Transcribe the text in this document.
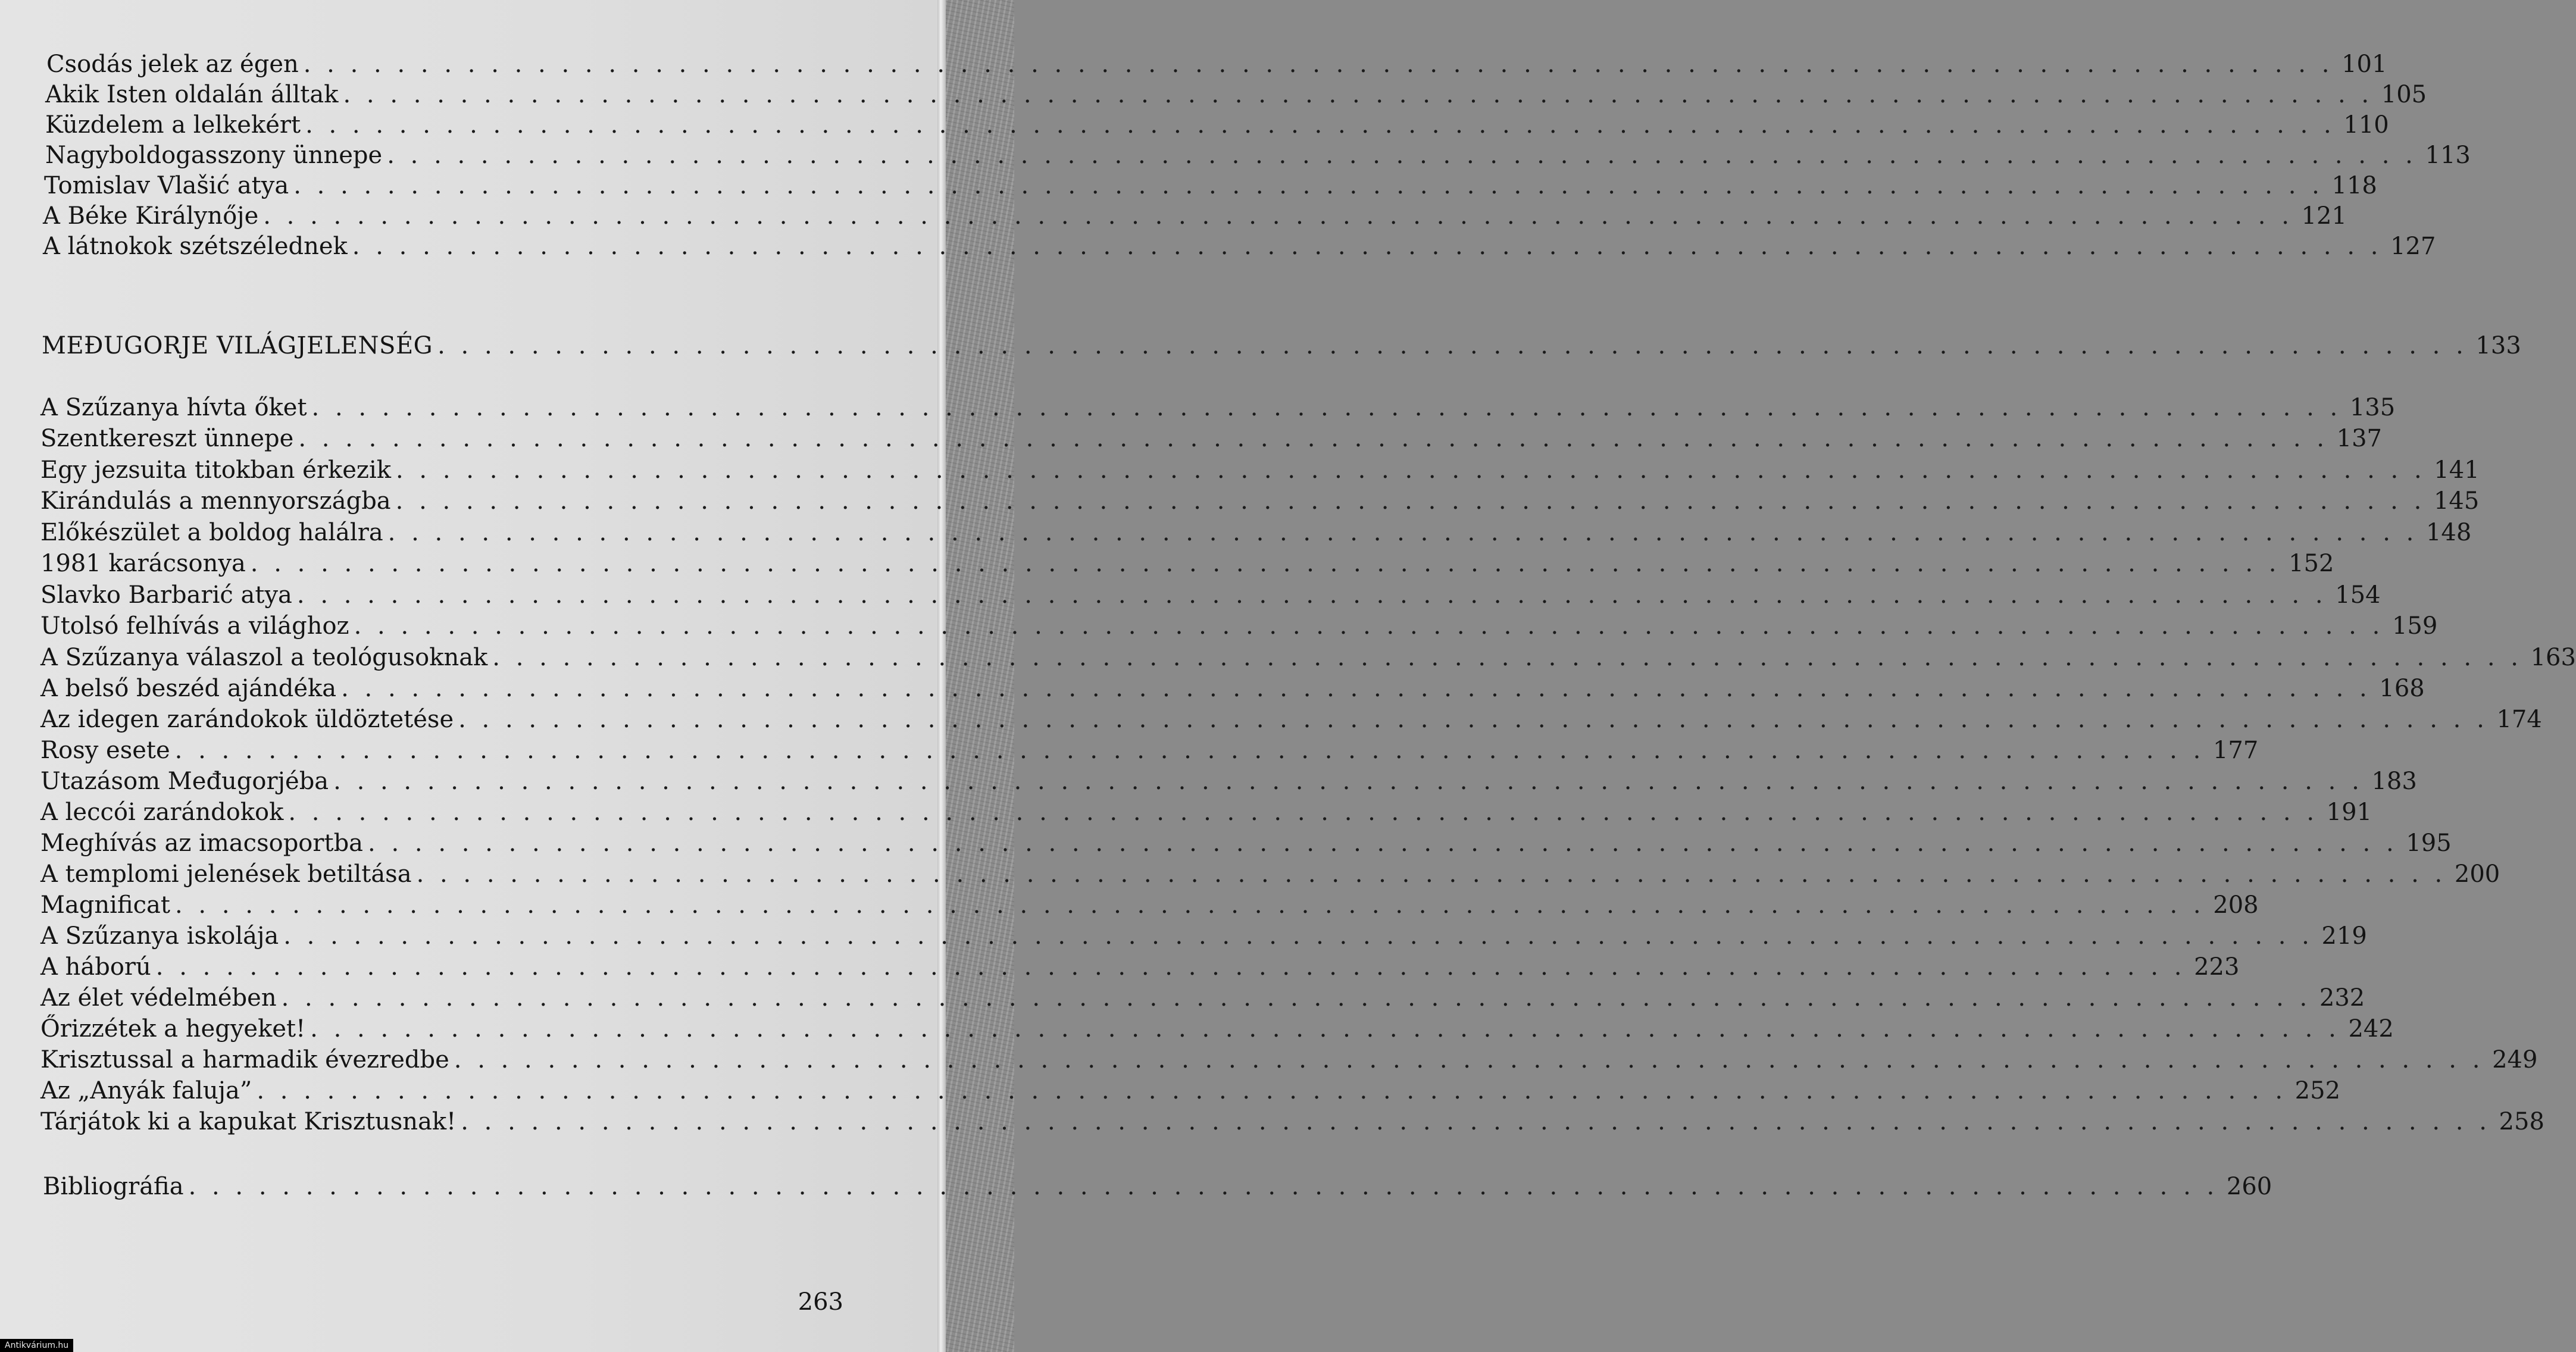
Csodás jelek az égen . . . . . . . . . . . . . . . . . . . . . . . . . . . . . . . . . . . . . . . . . . . . . . . . . . . . . . . . . . . . . . . . . . . . . . . . . . . . . . . . . . . . . . . 101
Akik Isten oldalán álltak . . . . . . . . . . . . . . . . . . . . . . . . . . . . . . . . . . . . . . . . . . . . . . . . . . . . . . . . . . . . . . . . . . . . . . . . . . . . . . . . . . . . . . . 105
Küzdelem a lelkekért . . . . . . . . . . . . . . . . . . . . . . . . . . . . . . . . . . . . . . . . . . . . . . . . . . . . . . . . . . . . . . . . . . . . . . . . . . . . . . . . . . . . . . . 110
Nagyboldogasszony ünnepe . . . . . . . . . . . . . . . . . . . . . . . . . . . . . . . . . . . . . . . . . . . . . . . . . . . . . . . . . . . . . . . . . . . . . . . . . . . . . . . . . . . . . . . 113
Tomislav Vlašić atya . . . . . . . . . . . . . . . . . . . . . . . . . . . . . . . . . . . . . . . . . . . . . . . . . . . . . . . . . . . . . . . . . . . . . . . . . . . . . . . . . . . . . . . 118
A Béke Királynője . . . . . . . . . . . . . . . . . . . . . . . . . . . . . . . . . . . . . . . . . . . . . . . . . . . . . . . . . . . . . . . . . . . . . . . . . . . . . . . . . . . . . . . 121
A látnokok szétszélednek . . . . . . . . . . . . . . . . . . . . . . . . . . . . . . . . . . . . . . . . . . . . . . . . . . . . . . . . . . . . . . . . . . . . . . . . . . . . . . . . . . . . . . . 127
MEĐUGORJE VILÁGJELENSÉG . . . . . . . . . . . . . . . . . . . . . . . . . . . . . . . . . . . . . . . . . . . . . . . . . . . . . . . . . . . . . . . . . . . . . . . . . . . . . . . . . . . . . . . 133
A Szűzanya hívta őket . . . . . . . . . . . . . . . . . . . . . . . . . . . . . . . . . . . . . . . . . . . . . . . . . . . . . . . . . . . . . . . . . . . . . . . . . . . . . . . . . . . . . . . 135
Szentkereszt ünnepe . . . . . . . . . . . . . . . . . . . . . . . . . . . . . . . . . . . . . . . . . . . . . . . . . . . . . . . . . . . . . . . . . . . . . . . . . . . . . . . . . . . . . . . 137
Egy jezsuita titokban érkezik . . . . . . . . . . . . . . . . . . . . . . . . . . . . . . . . . . . . . . . . . . . . . . . . . . . . . . . . . . . . . . . . . . . . . . . . . . . . . . . . . . . . . . . 141
Kirándulás a mennyországba . . . . . . . . . . . . . . . . . . . . . . . . . . . . . . . . . . . . . . . . . . . . . . . . . . . . . . . . . . . . . . . . . . . . . . . . . . . . . . . . . . . . . . . 145
Előkészület a boldog halálra . . . . . . . . . . . . . . . . . . . . . . . . . . . . . . . . . . . . . . . . . . . . . . . . . . . . . . . . . . . . . . . . . . . . . . . . . . . . . . . . . . . . . . . 148
1981 karácsonya . . . . . . . . . . . . . . . . . . . . . . . . . . . . . . . . . . . . . . . . . . . . . . . . . . . . . . . . . . . . . . . . . . . . . . . . . . . . . . . . . . . . . . . 152
Slavko Barbarić atya . . . . . . . . . . . . . . . . . . . . . . . . . . . . . . . . . . . . . . . . . . . . . . . . . . . . . . . . . . . . . . . . . . . . . . . . . . . . . . . . . . . . . . . 154
Utolsó felhívás a világhoz . . . . . . . . . . . . . . . . . . . . . . . . . . . . . . . . . . . . . . . . . . . . . . . . . . . . . . . . . . . . . . . . . . . . . . . . . . . . . . . . . . . . . . . 159
A Szűzanya válaszol a teológusoknak . . . . . . . . . . . . . . . . . . . . . . . . . . . . . . . . . . . . . . . . . . . . . . . . . . . . . . . . . . . . . . . . . . . . . . . . . . . . . . . . . . . . . . . 163
A belső beszéd ajándéka . . . . . . . . . . . . . . . . . . . . . . . . . . . . . . . . . . . . . . . . . . . . . . . . . . . . . . . . . . . . . . . . . . . . . . . . . . . . . . . . . . . . . . . 168
Az idegen zarándokok üldöztetése . . . . . . . . . . . . . . . . . . . . . . . . . . . . . . . . . . . . . . . . . . . . . . . . . . . . . . . . . . . . . . . . . . . . . . . . . . . . . . . . . . . . . . . 174
Rosy esete . . . . . . . . . . . . . . . . . . . . . . . . . . . . . . . . . . . . . . . . . . . . . . . . . . . . . . . . . . . . . . . . . . . . . . . . . . . . . . . . . . . . . . . 177
Utazásom Međugorjéba . . . . . . . . . . . . . . . . . . . . . . . . . . . . . . . . . . . . . . . . . . . . . . . . . . . . . . . . . . . . . . . . . . . . . . . . . . . . . . . . . . . . . . . 183
A leccói zarándokok . . . . . . . . . . . . . . . . . . . . . . . . . . . . . . . . . . . . . . . . . . . . . . . . . . . . . . . . . . . . . . . . . . . . . . . . . . . . . . . . . . . . . . . 191
Meghívás az imacsoportba . . . . . . . . . . . . . . . . . . . . . . . . . . . . . . . . . . . . . . . . . . . . . . . . . . . . . . . . . . . . . . . . . . . . . . . . . . . . . . . . . . . . . . . 195
A templomi jelenések betiltása . . . . . . . . . . . . . . . . . . . . . . . . . . . . . . . . . . . . . . . . . . . . . . . . . . . . . . . . . . . . . . . . . . . . . . . . . . . . . . . . . . . . . . . 200
Magnificat . . . . . . . . . . . . . . . . . . . . . . . . . . . . . . . . . . . . . . . . . . . . . . . . . . . . . . . . . . . . . . . . . . . . . . . . . . . . . . . . . . . . . . . 208
A Szűzanya iskolája . . . . . . . . . . . . . . . . . . . . . . . . . . . . . . . . . . . . . . . . . . . . . . . . . . . . . . . . . . . . . . . . . . . . . . . . . . . . . . . . . . . . . . . 219
A háború . . . . . . . . . . . . . . . . . . . . . . . . . . . . . . . . . . . . . . . . . . . . . . . . . . . . . . . . . . . . . . . . . . . . . . . . . . . . . . . . . . . . . . . 223
Az élet védelmében . . . . . . . . . . . . . . . . . . . . . . . . . . . . . . . . . . . . . . . . . . . . . . . . . . . . . . . . . . . . . . . . . . . . . . . . . . . . . . . . . . . . . . . 232
Őrizzétek a hegyeket! . . . . . . . . . . . . . . . . . . . . . . . . . . . . . . . . . . . . . . . . . . . . . . . . . . . . . . . . . . . . . . . . . . . . . . . . . . . . . . . . . . . . . . . 242
Krisztussal a harmadik évezredbe . . . . . . . . . . . . . . . . . . . . . . . . . . . . . . . . . . . . . . . . . . . . . . . . . . . . . . . . . . . . . . . . . . . . . . . . . . . . . . . . . . . . . . . 249
Az „Anyák faluja” . . . . . . . . . . . . . . . . . . . . . . . . . . . . . . . . . . . . . . . . . . . . . . . . . . . . . . . . . . . . . . . . . . . . . . . . . . . . . . . . . . . . . . . 252
Tárjátok ki a kapukat Krisztusnak! . . . . . . . . . . . . . . . . . . . . . . . . . . . . . . . . . . . . . . . . . . . . . . . . . . . . . . . . . . . . . . . . . . . . . . . . . . . . . . . . . . . . . . . 258
Bibliográfia . . . . . . . . . . . . . . . . . . . . . . . . . . . . . . . . . . . . . . . . . . . . . . . . . . . . . . . . . . . . . . . . . . . . . . . . . . . . . . . . . . . . . . . 260
263
Antikvárium.hu
